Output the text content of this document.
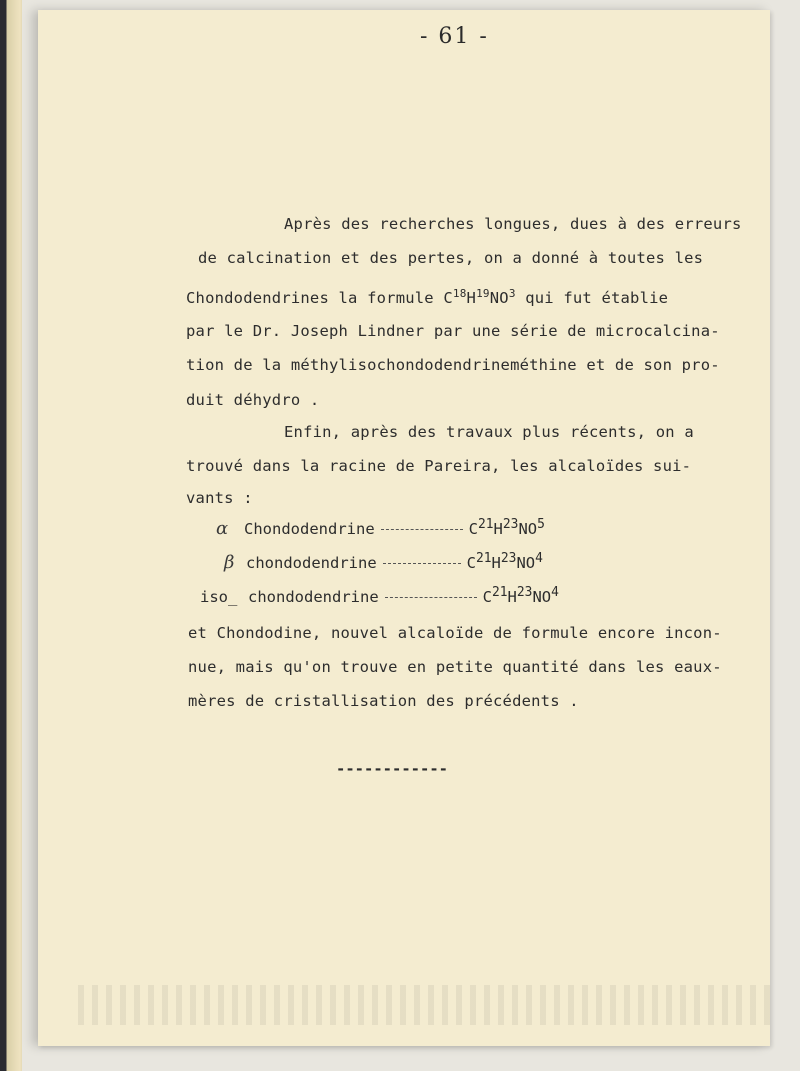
- 61 -
Après des recherches longues, dues à des erreurs
de calcination et des pertes, on a donné à toutes les
Chondodendrines la formule $C^{18}H^{19}NO^3$ qui fut établie
par le Dr. Joseph Lindner par une série de microcalcina-
tion de la méthylisochondodendrineméthine et de son pro-
duit déhydro .
Enfin, après des travaux plus récents, on a
trouvé dans la racine de Pareira, les alcaloïdes sui-
vants :
α Chondodendrine	$C^{21}H^{23}NO^5$
β chondodendrine	$C^{21}H^{23}NO^4$
iso_ chondodendrine	$C^{21}H^{23}NO^4$
et Chondodine, nouvel alcaloïde de formule encore incon-
nue, mais qu'on trouve en petite quantité dans les eaux-
mères de cristallisation des précédents .
------------
